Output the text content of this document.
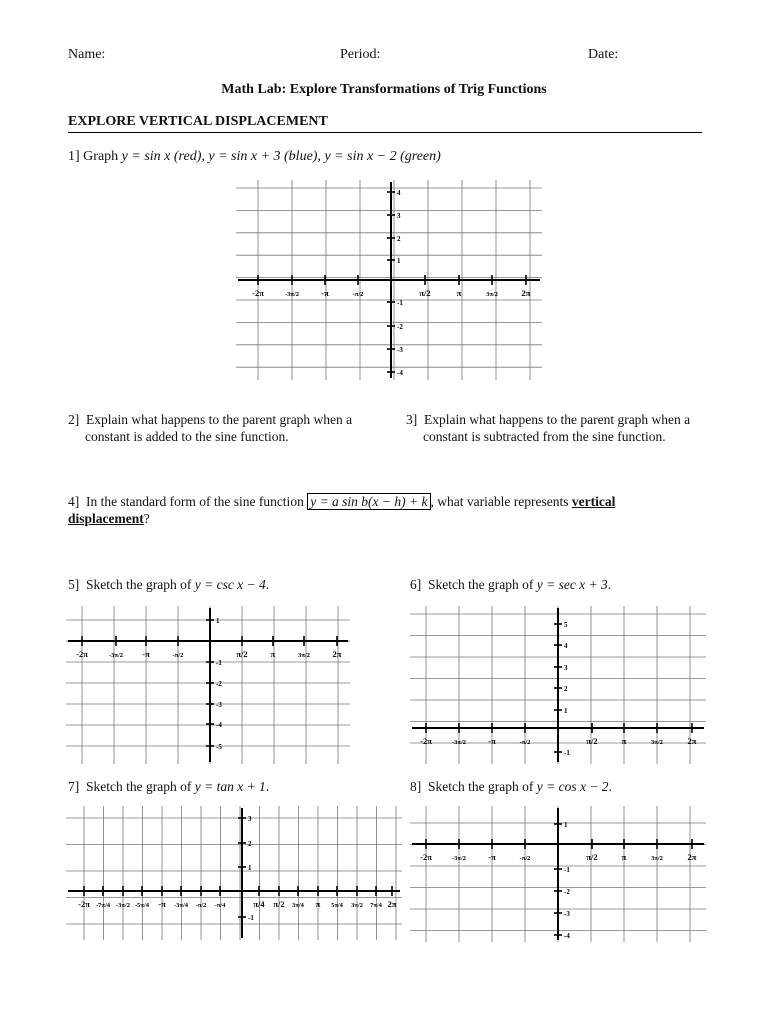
Name:	Period:	Date:
Math Lab: Explore Transformations of Trig Functions
EXPLORE VERTICAL DISPLACEMENT
1] Graph y = sin x (red), y = sin x + 3 (blue), y = sin x − 2 (green)
-2π	-3π/2	-π	-π/2	π/2	π	3π/2	2π
4
3
2
1
-1
-2
-3
-4
2] Explain what happens to the parent graph when a
constant is added to the sine function.
3] Explain what happens to the parent graph when a
constant is subtracted from the sine function.
4] In the standard form of the sine function y = a sin b(x − h) + k , what variable represents vertical
displacement?
5] Sketch the graph of y = csc x − 4.	6] Sketch the graph of y = sec x + 3.
-2π	-3π/2 -π	-π/2	π/2	π	3π/2	2π
1
-1
-2
-3
-4
-5
-2π	-3π/2	-π	-π/2	π/2	π	3π/2	2π
5
4
3
2
1
-1
7] Sketch the graph of y = tan x + 1.	8] Sketch the graph of y = cos x − 2.
-2π -7π/4 -3π/2 -5π/4 -π -3π/4 -π/2 -π/4	π/4 π/2 3π/4 π 5π/4 3π/2 7π/4 2π
3
2
1
-1
-2π	-3π/2	-π	-π/2	π/2	π	3π/2	2π
1
-1
-2
-3
-4
